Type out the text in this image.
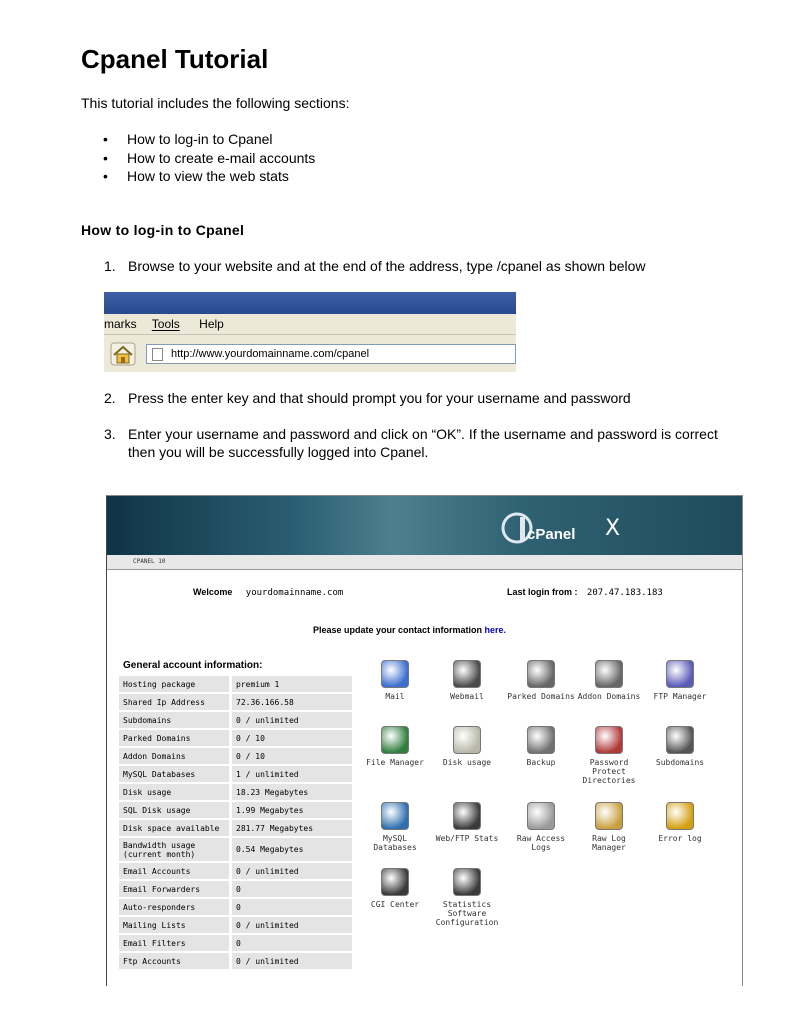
Cpanel Tutorial
This tutorial includes the following sections:
• How to log-in to Cpanel
• How to create e-mail accounts
• How to view the web stats
How to log-in to Cpanel
1. Browse to your website and at the end of the address, type /cpanel as shown below
marks Tools Help
http://www.yourdomainname.com/cpanel
2. Press the enter key and that should prompt you for your username and password
3. Enter your username and password and click on “OK”. If the username and password is correct then you will be successfully logged into Cpanel.
cPanel X
CPANEL 10
Welcome yourdomainname.com	Last login from : 207.47.183.183
Please update your contact information here.
General account information:
Hosting package	premium 1
Shared Ip Address	72.36.166.58
Subdomains	0 / unlimited
Parked Domains	0 / 10
Addon Domains	0 / 10
MySQL Databases	1 / unlimited
Disk usage	18.23 Megabytes
SQL Disk usage	1.99 Megabytes
Disk space available	281.77 Megabytes
Bandwidth usage (current month)	0.54 Megabytes
Email Accounts	0 / unlimited
Email Forwarders	0
Auto-responders	0
Mailing Lists	0 / unlimited
Email Filters	0
Ftp Accounts	0 / unlimited
Mail	Webmail	Parked Domains Addon Domains	FTP Manager
File Manager	Disk usage	Backup	Password Protect Directories
Subdomains
MySQL Databases
Web/FTP Stats	Raw Access Logs
Raw Log Manager
Error log
CGI Center	Statistics Software Configuration
